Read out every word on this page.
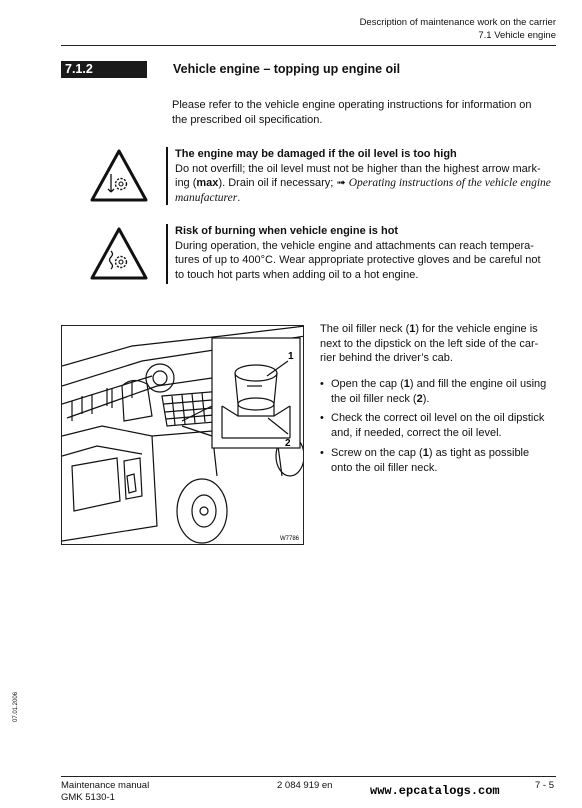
Description of maintenance work on the carrier
7.1 Vehicle engine
7.1.2	Vehicle engine – topping up engine oil
Please refer to the vehicle engine operating instructions for information on
the prescribed oil specification.
The engine may be damaged if the oil level is too high
Do not overfill; the oil level must not be higher than the highest arrow mark-
ing (max). Drain oil if necessary; ➟ Operating instructions of the vehicle engine
manufacturer.
Risk of burning when vehicle engine is hot
During operation, the vehicle engine and attachments can reach tempera-
tures of up to 400°C. Wear appropriate protective gloves and be careful not
to touch hot parts when adding oil to a hot engine.
1
2
W7786
The oil filler neck (1) for the vehicle engine is
next to the dipstick on the left side of the car-
rier behind the driver’s cab.
• Open the cap (1) and fill the engine oil using
the oil filler neck (2).
• Check the correct oil level on the oil dipstick
and, if needed, correct the oil level.
• Screw on the cap (1) as tight as possible
onto the oil filler neck.
07.01.2006
Maintenance manual
GMK 5130-1
2 084 919 en	7 - 5
www.epcatalogs.com
